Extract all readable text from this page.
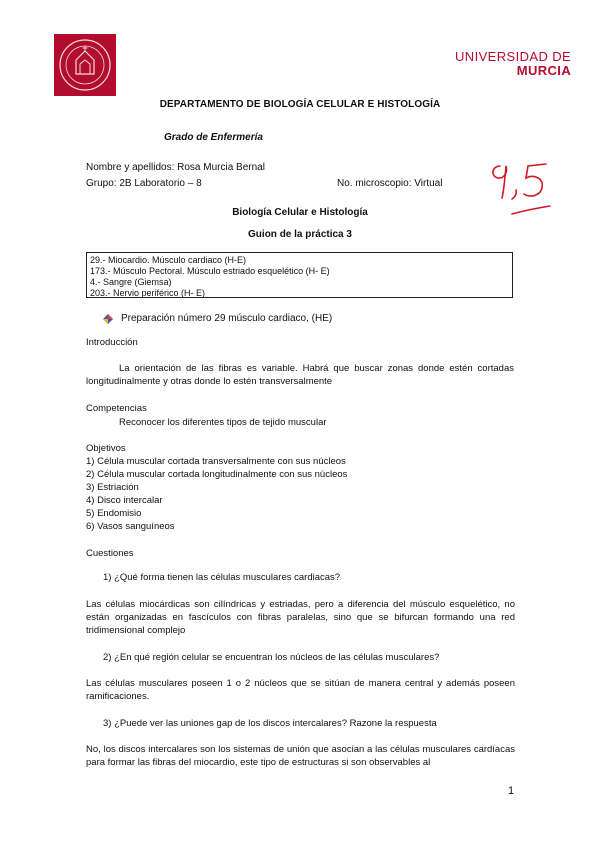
UNIVERSIDAD DE
MURCIA
DEPARTAMENTO DE BIOLOGÍA CELULAR E HISTOLOGÍA
Grado de Enfermería
Nombre y apellidos: Rosa Murcia Bernal
Grupo: 2B Laboratorio – 8	No. microscopio: Virtual
Biología Celular e Histología
Guion de la práctica 3
29.- Miocardio. Músculo cardiaco (H-E)
173.- Músculo Pectoral. Músculo estriado esquelético (H- E)
4.- Sangre (Giemsa)
203.- Nervio periférico (H- E)
Preparación número 29 músculo cardiaco, (HE)
Introducción
La orientación de las fibras es variable. Habrá que buscar zonas donde estén cortadas longitudinalmente y otras donde lo estén transversalmente
Competencias
Reconocer los diferentes tipos de tejido muscular
Objetivos
1) Célula muscular cortada transversalmente con sus núcleos
2) Célula muscular cortada longitudinalmente con sus núcleos
3) Estriación
4) Disco intercalar
5) Endomisio
6) Vasos sanguíneos
Cuestiones
1) ¿Qué forma tienen las células musculares cardiacas?
Las células miocárdicas son cilíndricas y estriadas, pero a diferencia del músculo esquelético, no están organizadas en fascículos con fibras paralelas, sino que se bifurcan formando una red tridimensional complejo
2) ¿En qué región celular se encuentran los núcleos de las células musculares?
Las células musculares poseen 1 o 2 núcleos que se sitúan de manera central y además poseen ramificaciones.
3) ¿Puede ver las uniones gap de los discos intercalares? Razone la respuesta
No, los discos intercalares son los sistemas de unión que asocian a las células musculares cardíacas para formar las fibras del miocardio, este tipo de estructuras si son observables al
1
